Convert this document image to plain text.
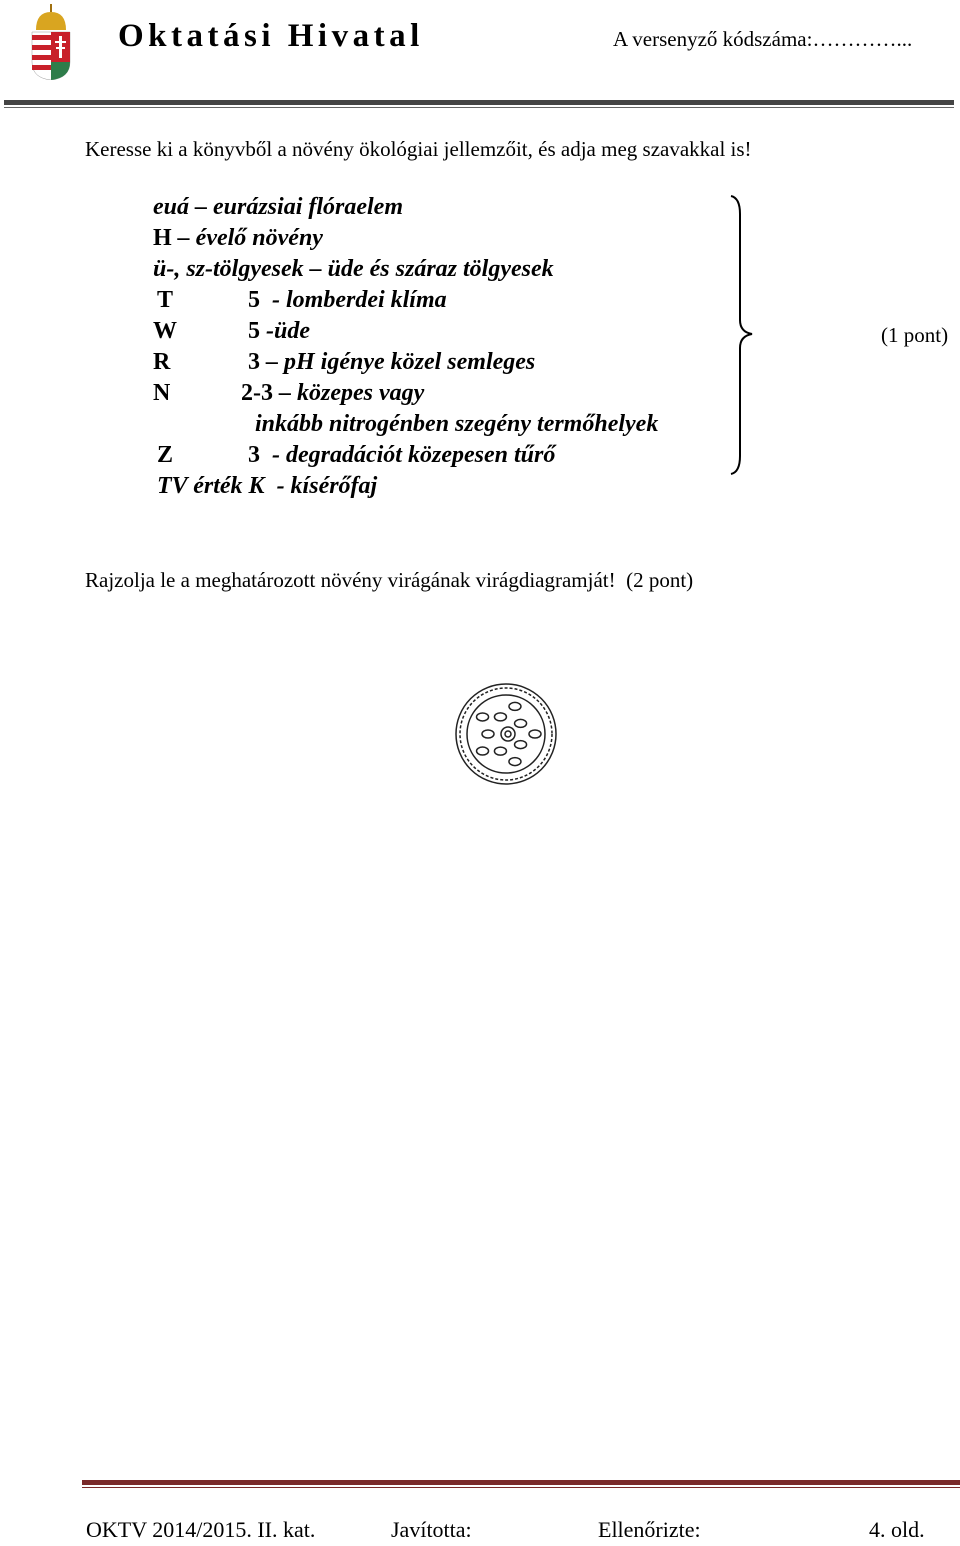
Oktatási Hivatal	A versenyző kódszáma:…………...
Keresse ki a könyvből a növény ökológiai jellemzőit, és adja meg szavakkal is!
euá – eurázsiai flóraelem
H – évelő növény
ü-, sz-tölgyesek – üde és száraz tölgyesek
T	5 - lomberdei klíma
W	5 -üde
R	3 – pH igénye közel semleges
N	2-3 – közepes vagy
inkább nitrogénben szegény termőhelyek
Z	3 - degradációt közepesen tűrő
TV érték K - kísérőfaj
(1 pont)
Rajzolja le a meghatározott növény virágának virágdiagramját! (2 pont)
OKTV 2014/2015. II. kat.	Javította:	Ellenőrizte:	4. old.
